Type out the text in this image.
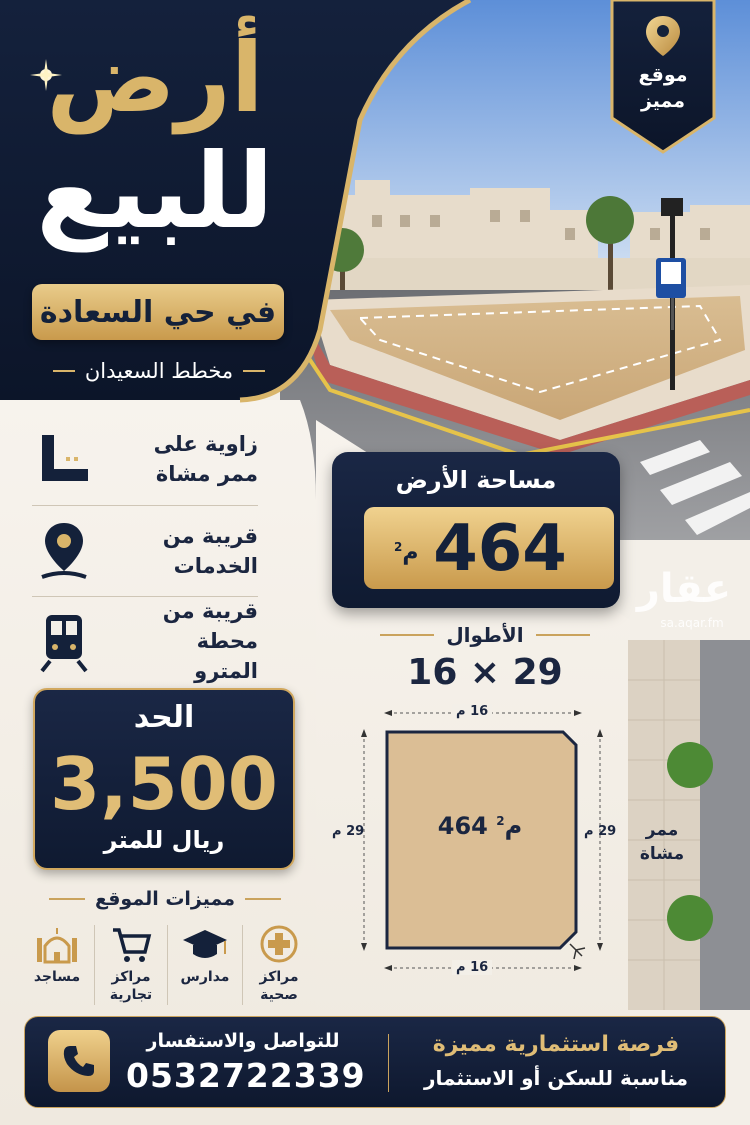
أرض
للبيع
في حي السعادة
مخطط السعيدان
موقع
مميز
زاوية على
ممر مشاة
قريبة من
الخدمات
قريبة من
محطة المترو
الحد
3,500
ريال للمتر
مميزات الموقع
مساجد	مراكز
تجارية
مدارس	مراكز
صحية
مساحة الأرض
464
م$^2$
الأطوال
16 × 29
16 م
16 م
29 م	29 م
464 م$^2$	ممر
مشاة
عقار
sa.aqar.fm
للتواصل والاستفسار
0532722339
فرصة استثمارية مميزة
مناسبة للسكن أو الاستثمار
